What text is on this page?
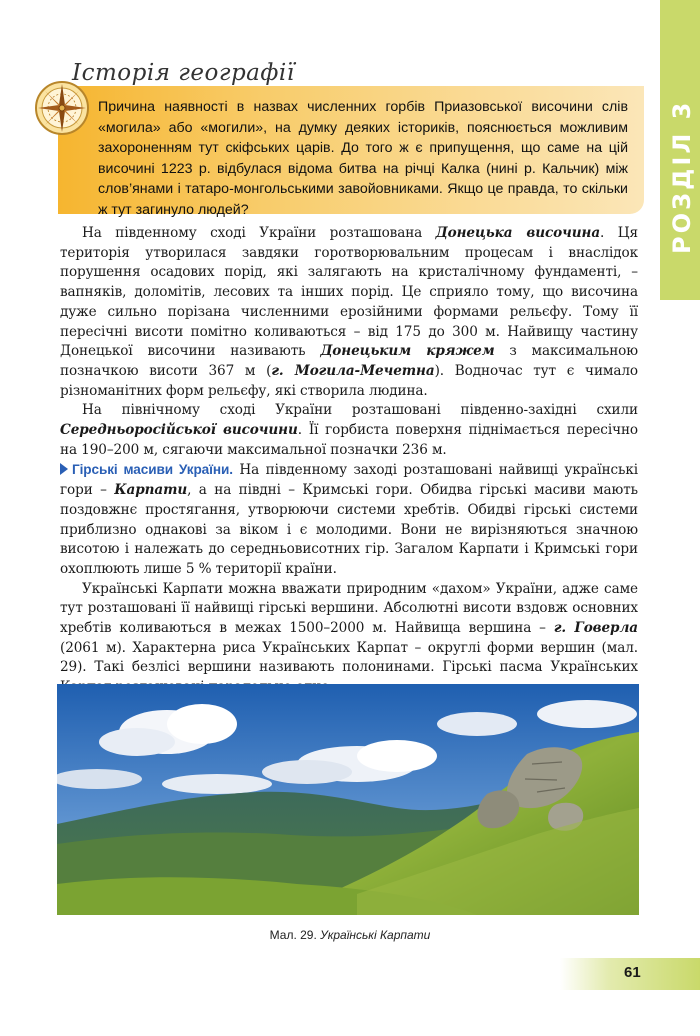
РОЗДІЛ 3
Історія географії
Причина наявності в назвах численних горбів Приазовської височини слів «могила» або «могили», на думку деяких істориків, пояснюється можливим захороненням тут скіфських царів. До того ж є припущення, що саме на цій височині 1223 р. відбулася відома битва на річці Калка (нині р. Кальчик) між слов’янами і татаро-монгольськими завойовниками. Якщо це правда, то скільки ж тут загинуло людей?

На південному сході України розташована Донецька височина. Ця територія утворилася завдяки горотворювальним процесам і внаслідок порушення осадових порід, які залягають на кристалічному фундаменті, – вапняків, доломітів, лесових та інших порід. Це сприяло тому, що височина дуже сильно порізана численними ерозійними формами рельєфу. Тому її пересічні висоти помітно коливаються – від 175 до 300 м. Найвищу частину Донецької височини називають Донецьким кряжем з максимальною позначкою висоти 367 м (г. Могила-Мечетна). Водночас тут є чимало різноманітних форм рельєфу, які створила людина.

На північному сході України розташовані південно-західні схили Середньоросійської височини. Її горбиста поверхня піднімається пересічно на 190–200 м, сягаючи максимальної позначки 236 м.

Гірські масиви України. На південному заході розташовані найвищі українські гори – Карпати, а на півдні – Кримські гори. Обидва гірські масиви мають поздовжнє простягання, утворюючи системи хребтів. Обидві гірські системи приблизно однакові за віком і є молодими. Вони не вирізняються значною висотою і належать до середньовисотних гір. Загалом Карпати і Кримські гори охоплюють лише 5 % території країни.

Українські Карпати можна вважати природним «дахом» України, адже саме тут розташовані її найвищі гірські вершини. Абсолютні висоти вздовж основних хребтів коливаються в межах 1500–2000 м. Найвища вершина – г. Говерла (2061 м). Характерна риса Українських Карпат – округлі форми вершин (мал. 29). Такі безлісі вершини називають полонинами. Гірські пасма Українських

Мал. 29. Українські Карпати
61
